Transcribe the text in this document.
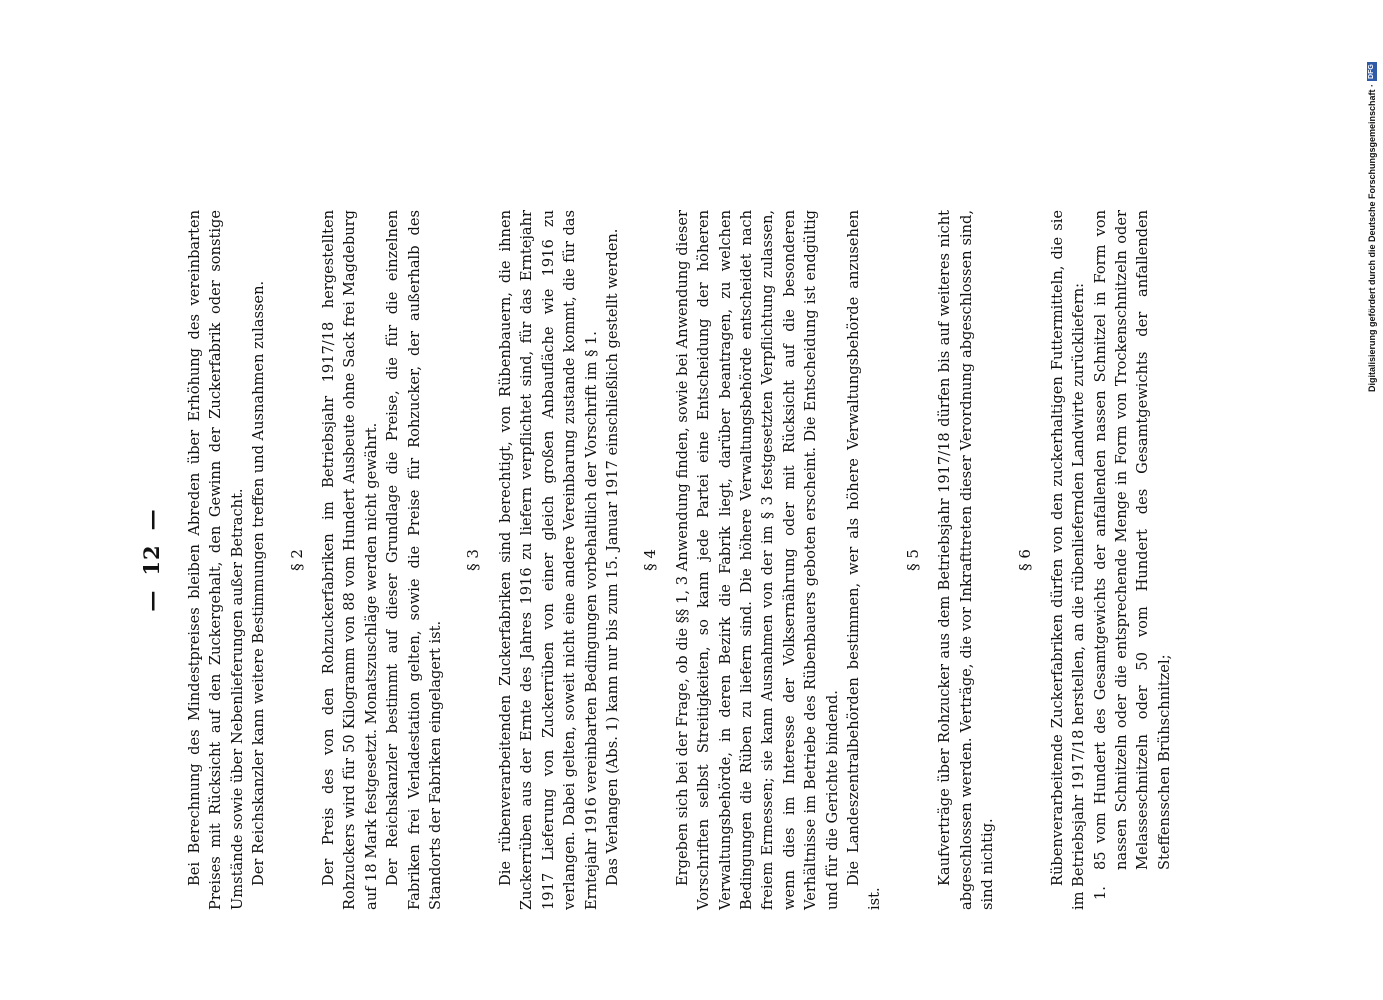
—12— Bei Berechnung des Mindestpreises bleiben Abreden über Erhöhung des vereinbarten Preises mit Rücksicht auf den Zuckergehalt, den Gewinn der Zuckerfabrik oder sonstige Umstände sowie über Nebenlieferungen außer Betracht. Der Reichskanzler kann weitere Bestimmungen treffen und Ausnahmen zulassen. § 2 Der Preis des von den Rohzuckerfabriken im Betriebsjahr 1917/18 hergestellten Rohzuckers wird für 50 Kilogramm von 88 vom Hundert Ausbeute ohne Sack frei Magdeburg auf 18 Mark festgesetzt. Monatszuschläge werden nicht gewährt. Der Reichskanzler bestimmt auf dieser Grundlage die Preise, die für die einzelnen Fabriken frei Verladestation gelten, sowie die Preise für Rohzucker, der außerhalb des Standorts der Fabriken eingelagert ist.

§ 3 Die rübenverarbeitenden Zuckerfabriken sind berechtigt, von Rübenbauern, die ihnen Zuckerrüben aus der Ernte des Jahres 1916 zu liefern verpflichtet sind, für das Erntejahr 1917 Lieferung von Zuckerrüben von einer gleich großen Anbaufläche wie 1916 zu verlangen. Dabei gelten, soweit nicht eine andere Vereinbarung zustande kommt, die für das Erntejahr 1916 vereinbarten Bedingungen vorbehaltlich der Vorschrift im § 1. Das Verlangen (Abs. 1) kann nur bis zum 15. Januar 1917 einschließlich gestellt werden. § 4 Ergeben sich bei der Frage, ob die §§ 1, 3 Anwendung finden, sowie bei Anwendung dieser Vorschriften selbst Streitigkeiten, so kann jede Partei eine Entscheidung der höheren Verwaltungsbehörde, in deren Bezirk die Fabrik liegt, darüber beantragen, zu welchen Bedingungen die Rüben zu liefern sind. Die höhere Verwaltungsbehörde entscheidet nach freiem Ermessen; sie kann Ausnahmen von der im § 3 festgesetzten Verpflichtung zulassen, wenn dies im Interesse der Volksernährung oder mit Rücksicht auf die besonderen Verhältnisse im Betriebe des Rübenbauers geboten erscheint. Die Entscheidung ist endgültig und für die Gerichte bindend. Die Landeszentralbehörden bestimmen, wer als höhere Verwaltungsbehörde anzusehen ist.

§ 5 Kaufverträge über Rohzucker aus dem Betriebsjahr 1917/18 dürfen bis auf weiteres nicht abgeschlossen werden. Verträge, die vor Inkrafttreten dieser Verordnung abgeschlossen sind, sind nichtig.

§ 6 Rübenverarbeitende Zuckerfabriken dürfen von den zuckerhaltigen Futtermitteln, die sie im Betriebsjahr 1917/18 herstellen, an die rübenliefernden Landwirte zurückliefern: 1.
85 vom Hundert des Gesamtgewichts der anfallenden nassen Schnitzel in Form von nassen Schnitzeln oder die entsprechende Menge in Form von Trockenschnitzeln oder Melasseschnitzeln oder 50 vom Hundert des Gesamtgewichts der anfallenden Steffensschen Brühschnitzel;
Digitalisierung gefördert durch die Deutsche Forschungsgemeinschaft ·
DFG
